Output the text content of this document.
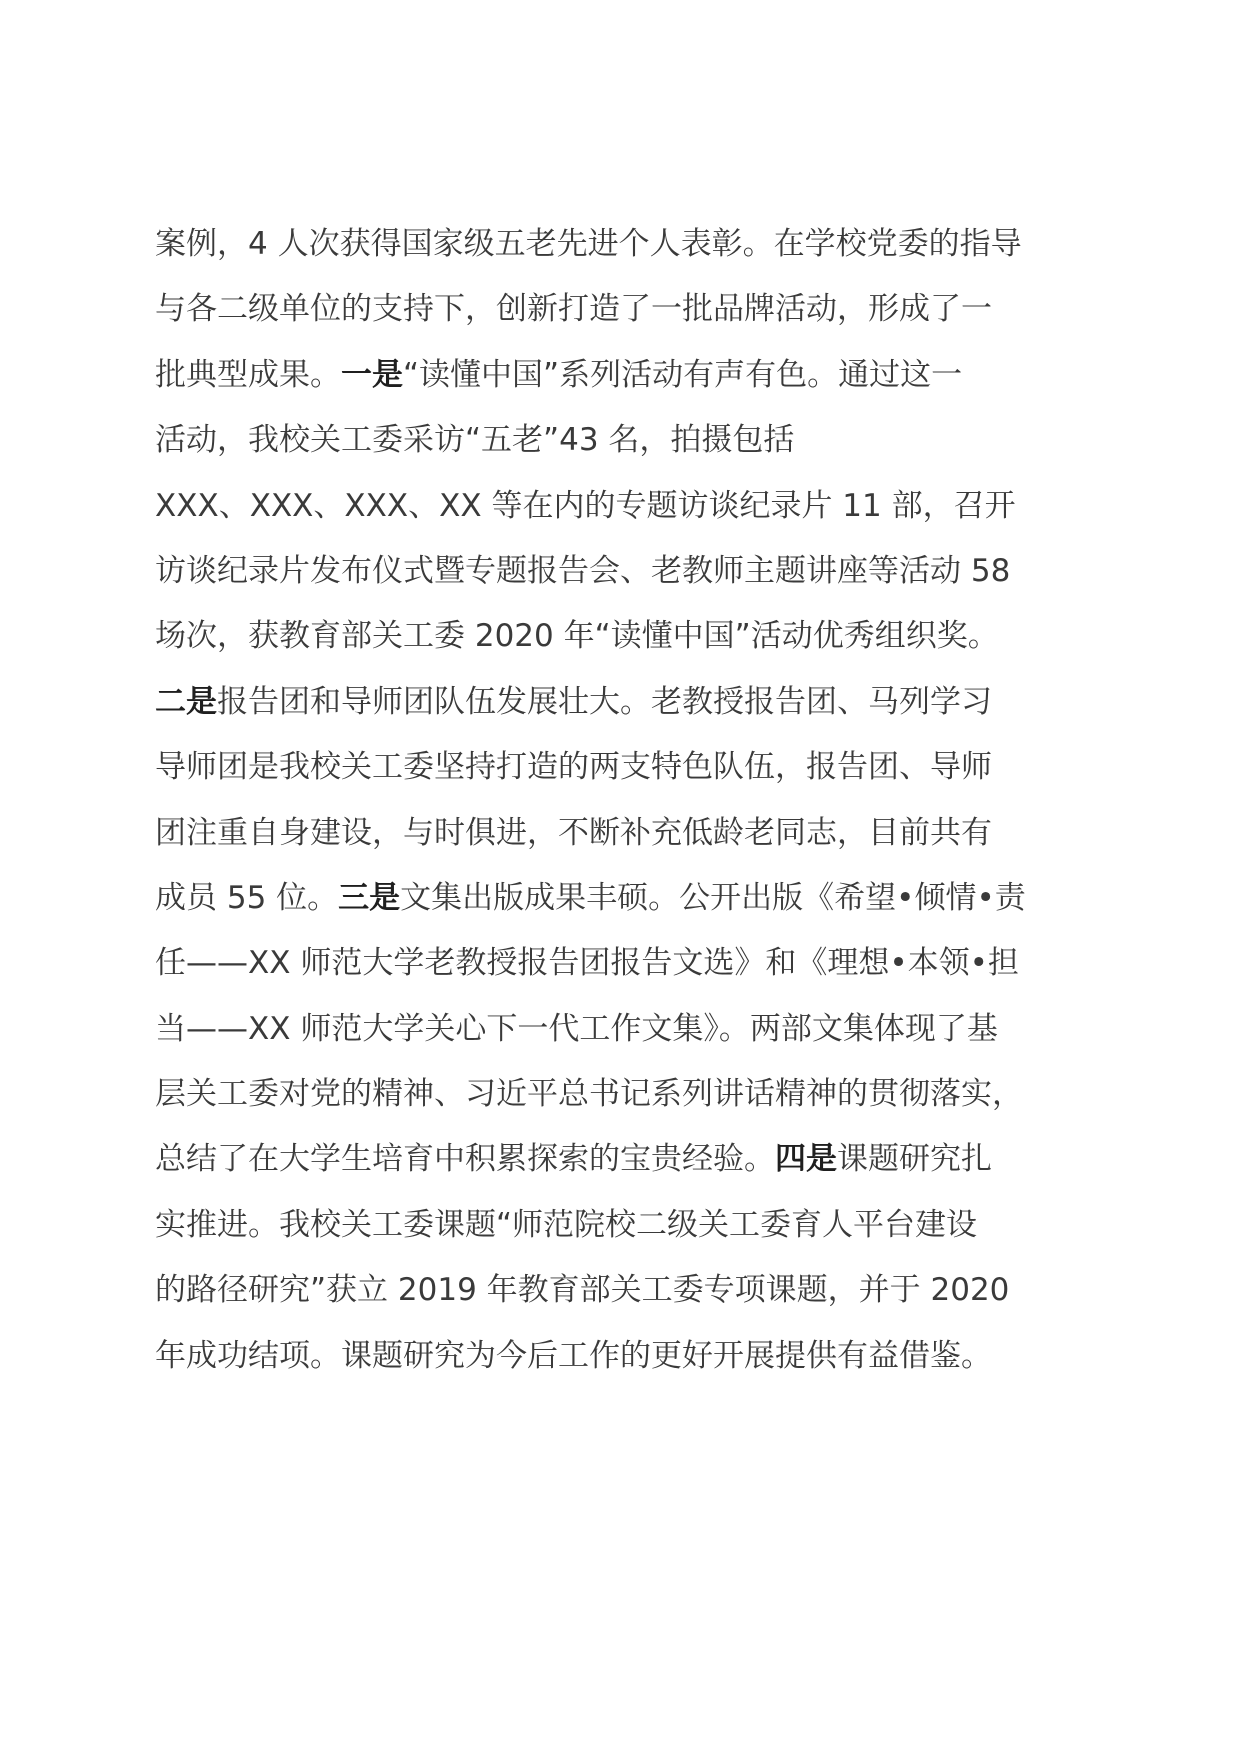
案例，4 人次获得国家级五老先进个人表彰。在学校党委的指导
与各二级单位的支持下，创新打造了一批品牌活动，形成了一
批典型成果。一是“读懂中国”系列活动有声有色。通过这一
活动，我校关工委采访“五老”43 名，拍摄包括
XXX、XXX、XXX、XX 等在内的专题访谈纪录片 11 部，召开
访谈纪录片发布仪式暨专题报告会、老教师主题讲座等活动 58
场次，获教育部关工委 2020 年“读懂中国”活动优秀组织奖。
二是报告团和导师团队伍发展壮大。老教授报告团、马列学习
导师团是我校关工委坚持打造的两支特色队伍，报告团、导师
团注重自身建设，与时俱进，不断补充低龄老同志，目前共有
成员 55 位。三是文集出版成果丰硕。公开出版《希望•倾情•责
任——XX 师范大学老教授报告团报告文选》和《理想•本领•担
当——XX 师范大学关心下一代工作文集》。两部文集体现了基
层关工委对党的精神、习近平总书记系列讲话精神的贯彻落实，
总结了在大学生培育中积累探索的宝贵经验。四是课题研究扎
实推进。我校关工委课题“师范院校二级关工委育人平台建设
的路径研究”获立 2019 年教育部关工委专项课题，并于 2020
年成功结项。课题研究为今后工作的更好开展提供有益借鉴。
